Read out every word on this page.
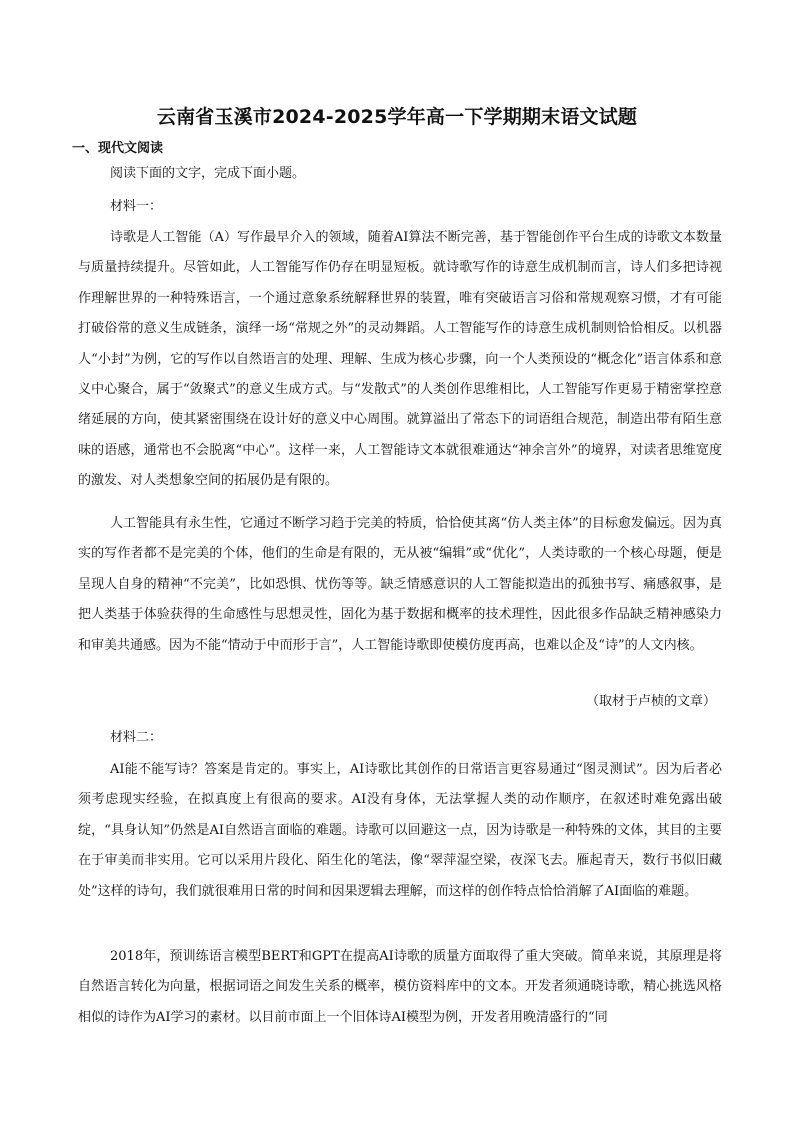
云南省玉溪市2024-2025学年高一下学期期末语文试题
一、现代文阅读

阅读下面的文字，完成下面小题。

材料一：

诗歌是人工智能（A）写作最早介入的领域，随着AI算法不断完善，基于智能创作平台生成的诗歌文本数量与质量持续提升。尽管如此，人工智能写作仍存在明显短板。就诗歌写作的诗意生成机制而言，诗人们多把诗视作理解世界的一种特殊语言，一个通过意象系统解释世界的装置，唯有突破语言习俗和常规观察习惯，才有可能打破俗常的意义生成链条，演绎一场“常规之外”的灵动舞蹈。人工智能写作的诗意生成机制则恰恰相反。以机器人“小封”为例，它的写作以自然语言的处理、理解、生成为核心步骤，向一个人类预设的“概念化”语言体系和意义中心聚合，属于“敛聚式”的意义生成方式。与“发散式”的人类创作思维相比，人工智能写作更易于精密掌控意绪延展的方向，使其紧密围绕在设计好的意义中心周围。就算溢出了常态下的词语组合规范，制造出带有陌生意味的语感，通常也不会脱离“中心”。这样一来，人工智能诗文本就很难通达“神余言外”的境界，对读者思维宽度的激发、对人类想象空间的拓展仍是有限的。

人工智能具有永生性，它通过不断学习趋于完美的特质，恰恰使其离“仿人类主体”的目标愈发偏远。因为真实的写作者都不是完美的个体，他们的生命是有限的，无从被“编辑”或“优化”，人类诗歌的一个核心母题，便是呈现人自身的精神“不完美”，比如恐惧、忧伤等等。缺乏情感意识的人工智能拟造出的孤独书写、痛感叙事，是把人类基于体验获得的生命感性与思想灵性，固化为基于数据和概率的技术理性，因此很多作品缺乏精神感染力和审美共通感。因为不能“情动于中而形于言”，人工智能诗歌即使模仿度再高，也难以企及“诗”的人文内核。

（取材于卢桢的文章）

材料二：

AI能不能写诗？答案是肯定的。事实上，AI诗歌比其创作的日常语言更容易通过“图灵测试”。因为后者必须考虑现实经验，在拟真度上有很高的要求。AI没有身体，无法掌握人类的动作顺序，在叙述时难免露出破绽，“具身认知”仍然是AI自然语言面临的难题。诗歌可以回避这一点，因为诗歌是一种特殊的文体，其目的主要在于审美而非实用。它可以采用片段化、陌生化的笔法，像“翠萍湿空梁，夜深飞去。雁起青天，数行书似旧藏处”这样的诗句，我们就很难用日常的时间和因果逻辑去理解，而这样的创作特点恰恰消解了AI面临的难题。

2018年，预训练语言模型BERT和GPT在提高AI诗歌的质量方面取得了重大突破。简单来说，其原理是将自然语言转化为向量，根据词语之间发生关系的概率，模仿资料库中的文本。开发者须通晓诗歌，精心挑选风格相似的诗作为AI学习的素材。以目前市面上一个旧体诗AI模型为例，开发者用晚清盛行的“同
